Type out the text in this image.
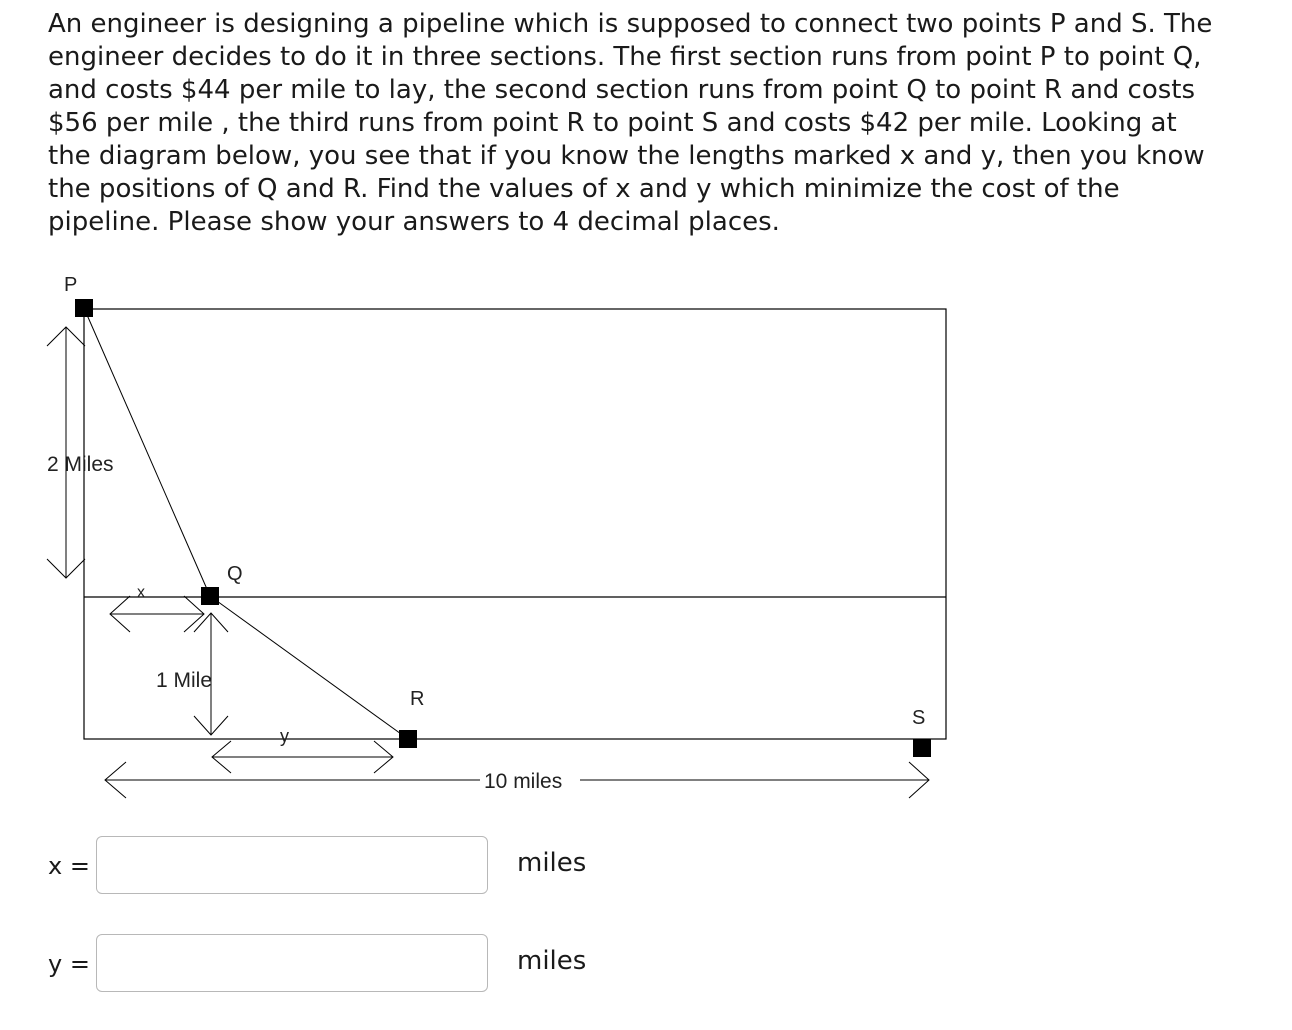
An engineer is designing a pipeline which is supposed to connect two points P and S. The
engineer decides to do it in three sections. The first section runs from point P to point Q,
and costs $44 per mile to lay, the second section runs from point Q to point R and costs
$56 per mile , the third runs from point R to point S and costs $42 per mile. Looking at
the diagram below, you see that if you know the lengths marked x and y, then you know
the positions of Q and R. Find the values of x and y which minimize the cost of the
pipeline. Please show your answers to 4 decimal places.
P
Q
R
S
2 Miles
x
1 Mile
y
10 miles
x =	miles
y =	miles
